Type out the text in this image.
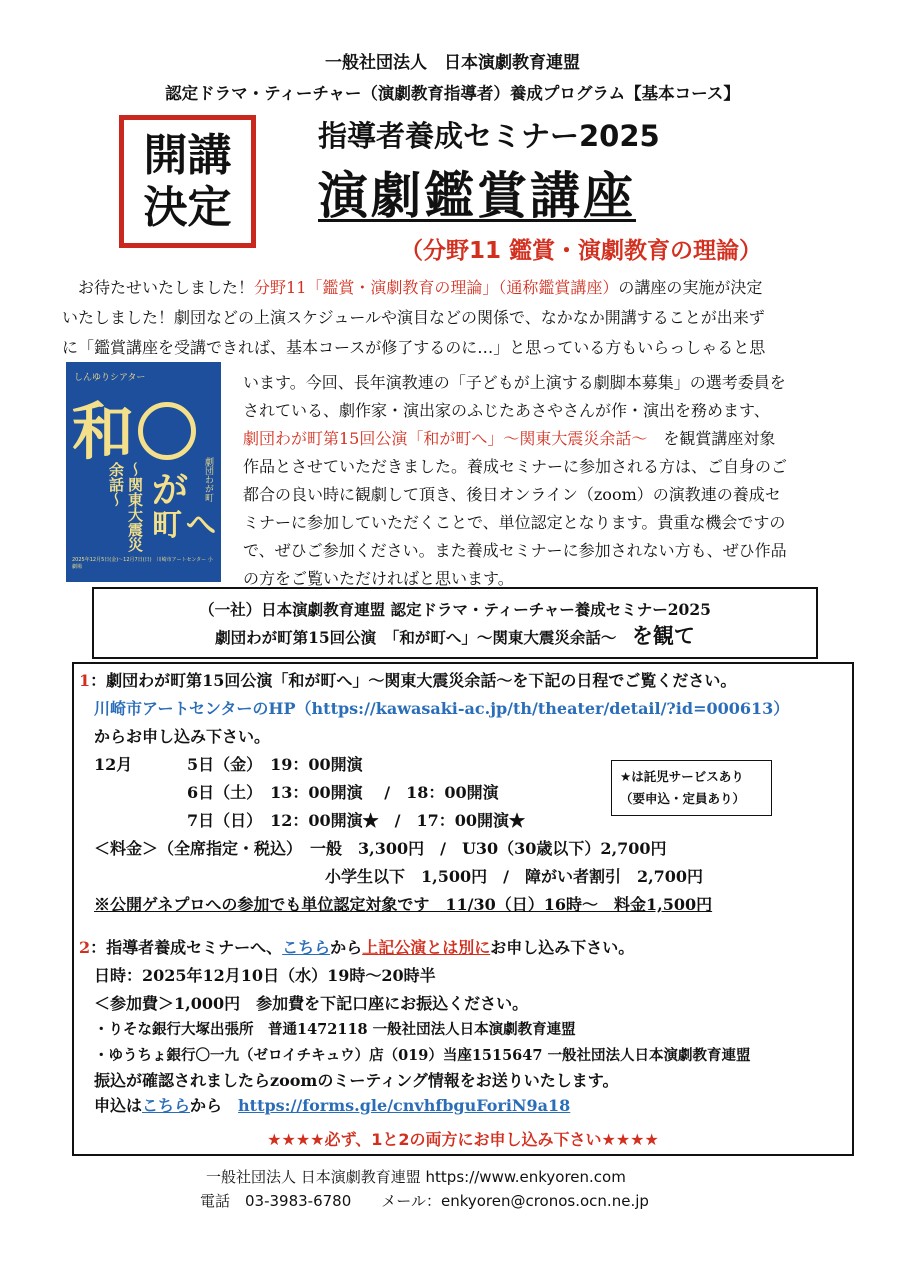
一般社団法人　日本演劇教育連盟
認定ドラマ・ティーチャー（演劇教育指導者）養成プログラム【基本コース】
開講
決定
指導者養成セミナー2025
演劇鑑賞講座
（分野11 鑑賞・演劇教育の理論）
お待たせいたしました！分野11「鑑賞・演劇教育の理論」（通称鑑賞講座）の講座の実施が決定
いたしました！劇団などの上演スケジュールや演目などの関係で、なかなか開講することが出来ず
に「鑑賞講座を受講できれば、基本コースが修了するのに…」と思っている方もいらっしゃると思
います。今回、長年演教連の「子どもが上演する劇脚本募集」の選考委員を
されている、劇作家・演出家のふじたあさやさんが作・演出を務めます、
劇団わが町第15回公演「和が町へ」〜関東大震災余話〜　を観賞講座対象
作品とさせていただきました。養成セミナーに参加される方は、ご自身のご
都合の良い時に観劇して頂き、後日オンライン（zoom）の演教連の養成セ
ミナーに参加していただくことで、単位認定となります。貴重な機会ですの
で、ぜひご参加ください。また養成セミナーに参加されない方も、ぜひ作品
しんゆりシアター
和
が
町 へ
〜関東大震災余話〜	劇団わが町
2025年12月5日(金)〜12月7日(日)　川崎市アートセンター 小劇場
（一社）日本演劇教育連盟 認定ドラマ・ティーチャー養成セミナー2025
劇団わが町第15回公演　「和が町へ」〜関東大震災余話〜　を観て
1：劇団わが町第15回公演「和が町へ」〜関東大震災余話〜を下記の日程でご覧ください。
川崎市アートセンターのHP（https://kawasaki-ac.jp/th/theater/detail/?id=000613）
からお申し込み下さい。
12月	5日（金）　19：00開演
6日（土）　13：00開演　 /　18：00開演
7日（日）　12：00開演★　/　17：00開演★
★は託児サービスあり
（要申込・定員あり）
＜料金＞（全席指定・税込）　一般　3,300円　/　U30（30歳以下）2,700円
小学生以下　1,500円　/　障がい者割引　2,700円
※公開ゲネプロへの参加でも単位認定対象です　11/30（日）16時〜　料金1,500円
2：指導者養成セミナーへ、こちらから上記公演とは別にお申し込み下さい。
日時：2025年12月10日（水）19時〜20時半
＜参加費＞1,000円　参加費を下記口座にお振込ください。
・りそな銀行大塚出張所　普通1472118 一般社団法人日本演劇教育連盟
・ゆうちょ銀行〇一九（ゼロイチキュウ）店（019）当座1515647 一般社団法人日本演劇教育連盟
振込が確認されましたらzoomのミーティング情報をお送りいたします。
申込はこちらから　https://forms.gle/cnvhfbguForiN9a18
★★★★必ず、1と2の両方にお申し込み下さい★★★★
一般社団法人 日本演劇教育連盟 https://www.enkyoren.com
電話　03-3983-6780　　メール：enkyoren@cronos.ocn.ne.jp
の方をご覧いただければと思います。
